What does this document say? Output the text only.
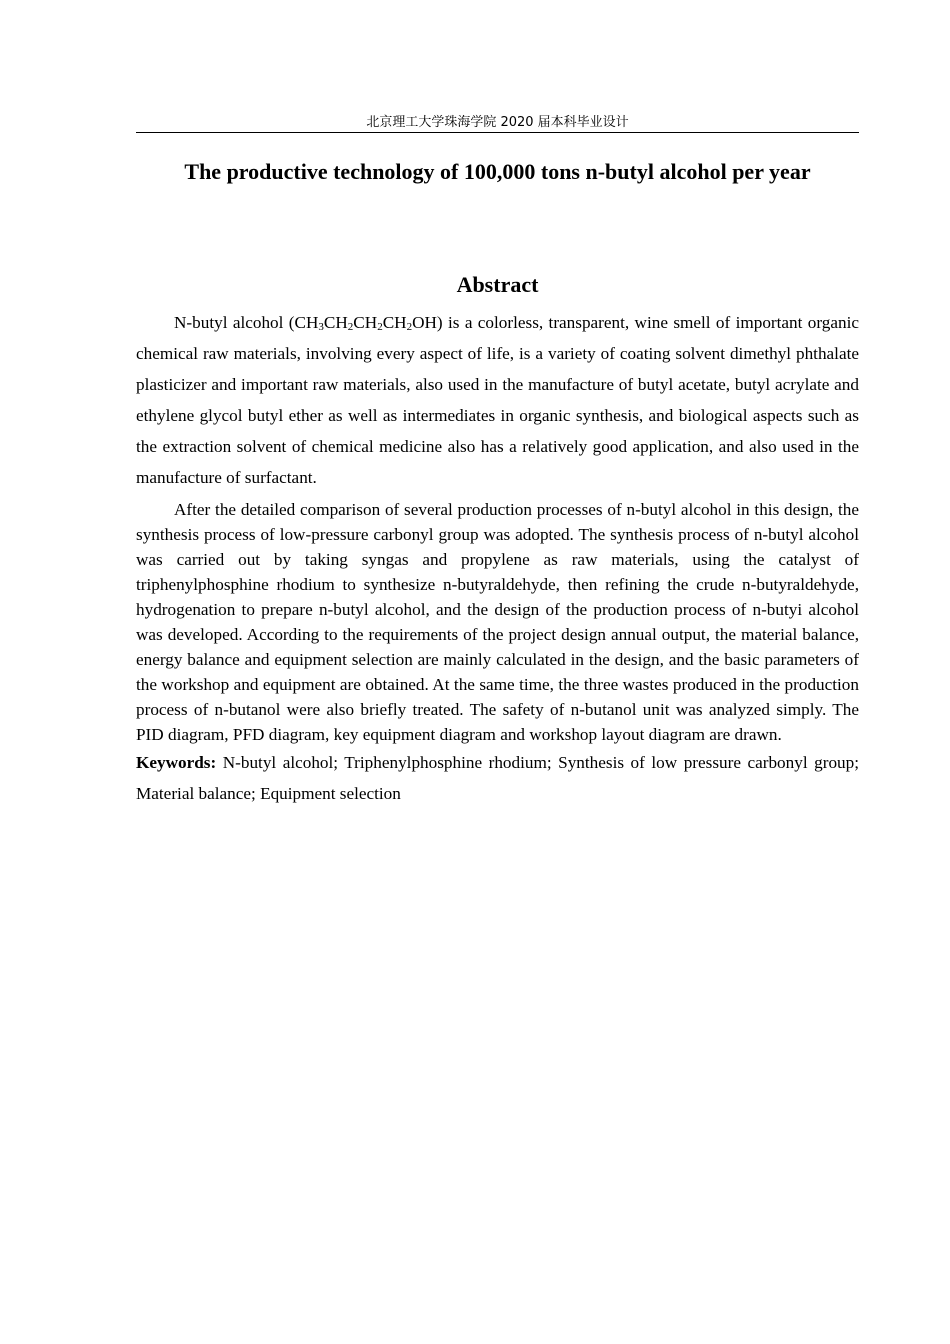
北京理工大学珠海学院 2020 届本科毕业设计
The productive technology of 100,000 tons n-butyl alcohol per year
Abstract

N-butyl alcohol $(CH_3CH_2CH_2CH_2OH)$ is a colorless, transparent, wine smell of important organic chemical raw materials, involving every aspect of life, is a variety of coating solvent dimethyl phthalate plasticizer and important raw materials, also used in the manufacture of butyl acetate, butyl acrylate and ethylene glycol butyl ether as well as intermediates in organic synthesis, and biological aspects such as the extraction solvent of chemical medicine also has a relatively good application, and also used in the manufacture of surfactant.

After the detailed comparison of several production processes of n-butyl alcohol in this design, the synthesis process of low-pressure carbonyl group was adopted. The synthesis process of n-butyl alcohol was carried out by taking syngas and propylene as raw materials, using the catalyst of triphenylphosphine rhodium to synthesize n-butyraldehyde, then refining the crude n-butyraldehyde, hydrogenation to prepare n-butyl alcohol, and the design of the production process of n-butyi alcohol was developed. According to the requirements of the project design annual output, the material balance, energy balance and equipment selection are mainly calculated in the design, and the basic parameters of the workshop and equipment are obtained. At the same time, the three wastes produced in the production process of n-butanol were also briefly treated. The safety of n-butanol unit was analyzed simply. The PID diagram, PFD diagram, key equipment diagram and workshop layout diagram are drawn.

Keywords: N-butyl alcohol; Triphenylphosphine rhodium; Synthesis of low pressure carbonyl group; Material balance; Equipment selection
